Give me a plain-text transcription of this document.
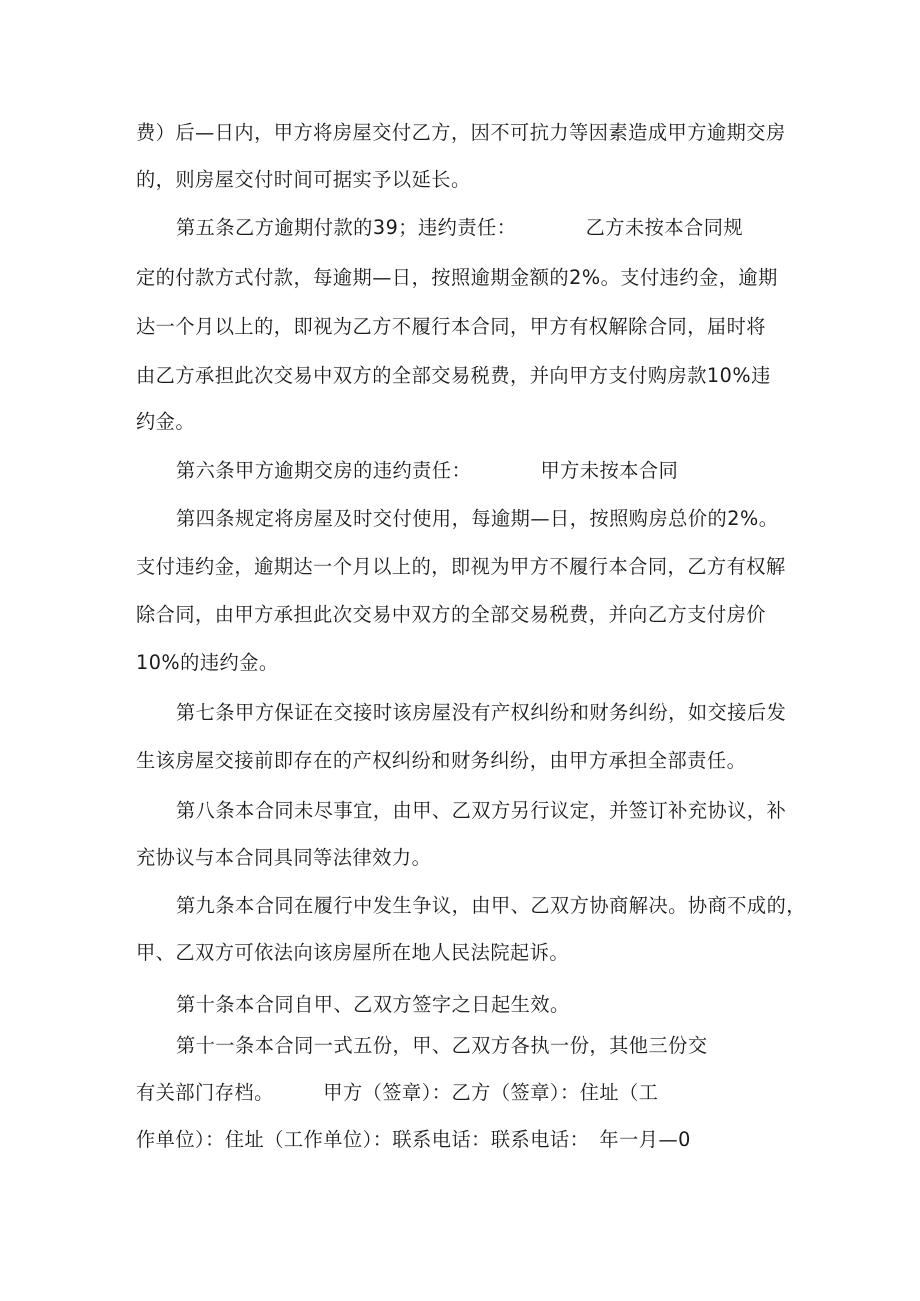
费）后—日内，甲方将房屋交付乙方，因不可抗力等因素造成甲方逾期交房
的，则房屋交付时间可据实予以延长。
第五条乙方逾期付款的39；违约责任：　　　　乙方未按本合同规
定的付款方式付款，每逾期—日，按照逾期金额的2%。支付违约金，逾期
达一个月以上的，即视为乙方不履行本合同，甲方有权解除合同，届时将
由乙方承担此次交易中双方的全部交易税费，并向甲方支付购房款10%违
约金。
第六条甲方逾期交房的违约责任：　　　　甲方未按本合同
第四条规定将房屋及时交付使用，每逾期—日，按照购房总价的2%。
支付违约金，逾期达一个月以上的，即视为甲方不履行本合同，乙方有权解
除合同，由甲方承担此次交易中双方的全部交易税费，并向乙方支付房价
10%的违约金。
第七条甲方保证在交接时该房屋没有产权纠纷和财务纠纷，如交接后发
生该房屋交接前即存在的产权纠纷和财务纠纷，由甲方承担全部责任。
第八条本合同未尽事宜，由甲、乙双方另行议定，并签订补充协议，补
充协议与本合同具同等法律效力。
第九条本合同在履行中发生争议，由甲、乙双方协商解决。协商不成的，
甲、乙双方可依法向该房屋所在地人民法院起诉。
第十条本合同自甲、乙双方签字之日起生效。
第十一条本合同一式五份，甲、乙双方各执一份，其他三份交
有关部门存档。　　　甲方（签章）：乙方（签章）：住址（工
作单位）：住址（工作单位）：联系电话：联系电话：　年一月—0
